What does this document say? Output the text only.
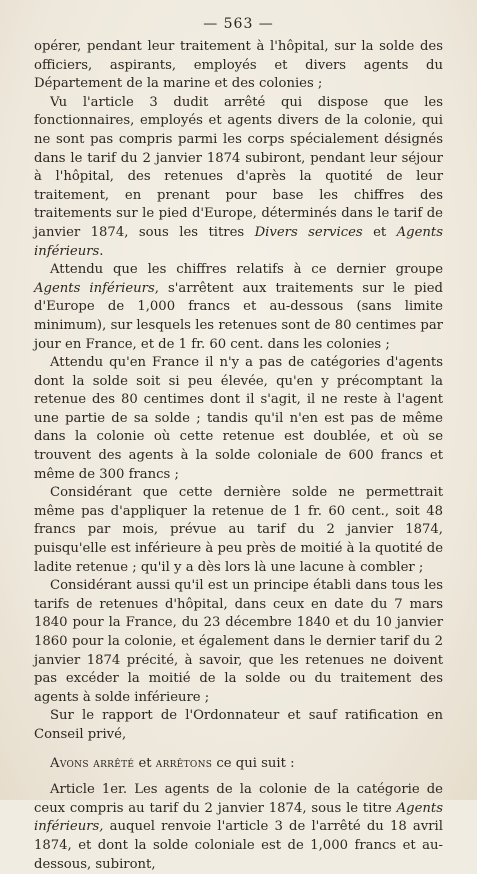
— 563 —

opérer, pendant leur traitement à l'hôpital, sur la solde des officiers, aspirants, employés et divers agents du Département de la marine et des colonies ;

Vu l'article 3 dudit arrêté qui dispose que les fonctionnaires, employés et agents divers de la colonie, qui ne sont pas compris parmi les corps spécialement désignés dans le tarif du 2 janvier 1874 subiront, pendant leur séjour à l'hôpital, des retenues d'après la quotité de leur traitement, en prenant pour base les chiffres des traitements sur le pied d'Europe, déterminés dans le tarif de janvier 1874, sous les titres Divers services et Agents inférieurs.

Attendu que les chiffres relatifs à ce dernier groupe Agents inférieurs, s'arrêtent aux traitements sur le pied d'Europe de 1,000 francs et au-dessous (sans limite minimum), sur lesquels les retenues sont de 80 centimes par jour en France, et de 1 fr. 60 cent. dans les colonies ;

Attendu qu'en France il n'y a pas de catégories d'agents dont la solde soit si peu élevée, qu'en y précomptant la retenue des 80 centimes dont il s'agit, il ne reste à l'agent une partie de sa solde ; tandis qu'il n'en est pas de même dans la colonie où cette retenue est doublée, et où se trouvent des agents à la solde coloniale de 600 francs et même de 300 francs ;

Considérant que cette dernière solde ne permettrait même pas d'appliquer la retenue de 1 fr. 60 cent., soit 48 francs par mois, prévue au tarif du 2 janvier 1874, puisqu'elle est inférieure à peu près de moitié à la quotité de ladite retenue ; qu'il y a dès lors là une lacune à combler ;

Considérant aussi qu'il est un principe établi dans tous les tarifs de retenues d'hôpital, dans ceux en date du 7 mars 1840 pour la France, du 23 décembre 1840 et du 10 janvier 1860 pour la colonie, et également dans le dernier tarif du 2 janvier 1874 précité, à savoir, que les retenues ne doivent pas excéder la moitié de la solde ou du traitement des agents à solde inférieure ;

Sur le rapport de l'Ordonnateur et sauf ratification en Conseil privé,

Avons arrêté et arrêtons ce qui suit :

Article 1er. Les agents de la colonie de la catégorie de ceux compris au tarif du 2 janvier 1874, sous le titre Agents inférieurs, auquel renvoie l'article 3 de l'arrêté du 18 avril 1874, et dont la solde coloniale est de 1,000 francs et au-dessous, subiront,
